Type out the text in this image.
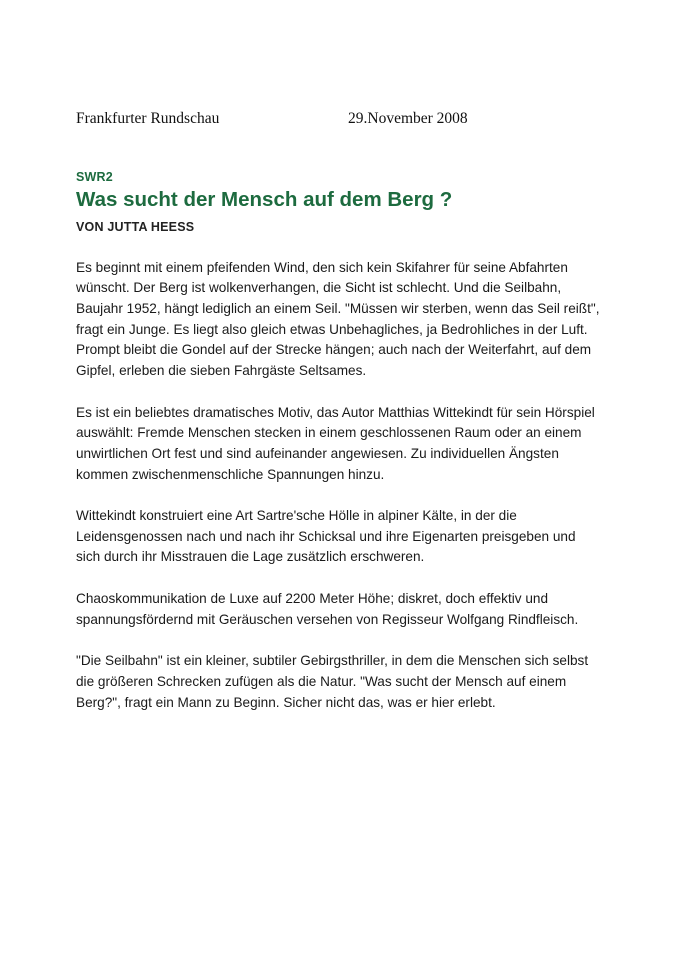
Frankfurter Rundschau	29.November 2008
SWR2
Was sucht der Mensch auf dem Berg ?
VON JUTTA HEESS

Es beginnt mit einem pfeifenden Wind, den sich kein Skifahrer für seine Abfahrten wünscht. Der Berg ist wolkenverhangen, die Sicht ist schlecht. Und die Seilbahn, Baujahr 1952, hängt lediglich an einem Seil. "Müssen wir sterben, wenn das Seil reißt", fragt ein Junge. Es liegt also gleich etwas Unbehagliches, ja Bedrohliches in der Luft. Prompt bleibt die Gondel auf der Strecke hängen; auch nach der Weiterfahrt, auf dem Gipfel, erleben die sieben Fahrgäste Seltsames.

Es ist ein beliebtes dramatisches Motiv, das Autor Matthias Wittekindt für sein Hörspiel auswählt: Fremde Menschen stecken in einem geschlossenen Raum oder an einem unwirtlichen Ort fest und sind aufeinander angewiesen. Zu individuellen Ängsten kommen zwischenmenschliche Spannungen hinzu.

Wittekindt konstruiert eine Art Sartre'sche Hölle in alpiner Kälte, in der die Leidensgenossen nach und nach ihr Schicksal und ihre Eigenarten preisgeben und sich durch ihr Misstrauen die Lage zusätzlich erschweren.

Chaoskommunikation de Luxe auf 2200 Meter Höhe; diskret, doch effektiv und spannungsfördernd mit Geräuschen versehen von Regisseur Wolfgang Rindfleisch.

"Die Seilbahn" ist ein kleiner, subtiler Gebirgsthriller, in dem die Menschen sich selbst die größeren Schrecken zufügen als die Natur. "Was sucht der Mensch auf einem Berg?", fragt ein Mann zu Beginn. Sicher nicht das, was er hier erlebt.
